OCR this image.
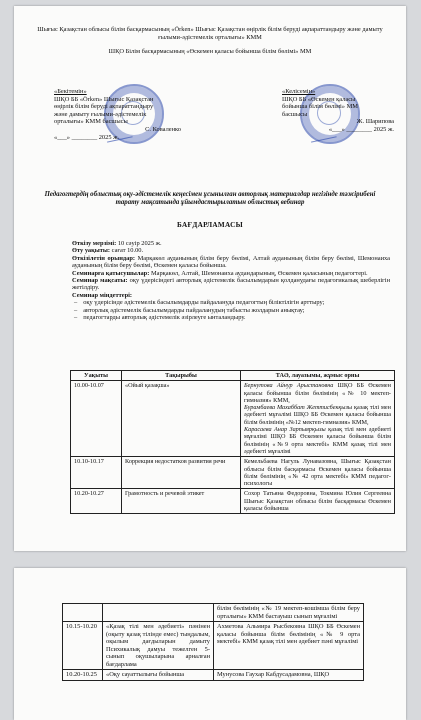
Шығыс Қазақстан облысы білім басқармасының «Örken» Шығыс Қазақстан өңірлік білім беруді ақпараттандыру және дамыту ғылыми-әдістемелік орталығы» КММ
ШҚО Білім басқармасының «Өскемен қаласы бойынша білім бөлімі» ММ
«Бекітемін»
ШҚО ББ «Örken» Шығыс Қазақстан
өңірлік білім беруді ақпараттандыру
және дамыту ғылыми-әдістемелік
орталығы» КММ басшысы
С. Коваленко
«___» ________ 2025 ж.
«Келісемін»
ШҚО ББ «Өскемен қаласы
бойынша білім бөлімі» ММ
басшысы
Ж. Шарипова
«___» ________ 2025 ж.
Педагогтердің облыстық оқу-әдістемелік кеңесімен ұсынылған авторлық материалдар негізінде тәжірибені тарату мақсатында ұйымдастырылатын облыстық вебинар
БАҒДАРЛАМАСЫ

Өткізу мерзімі: 10 сәуір 2025 ж.

Өту уақыты: сағат 10.00.

Өткізілетін орындар: Марқакөл ауданының білім беру бөлімі, Алтай ауданының білім беру бөлімі, Шемонаиха ауданының білім беру бөлімі, Өскемен қаласы бойынша.

Семинарға қатысушылар: Марқакөл, Алтай, Шемонаиха аудандарының, Өскемен қаласының педагогтері.

Семинар мақсаты: оқу үдерісіндегі авторлық әдістемелік басылымдарын қолданудағы педагогикалық шеберлігін жетілдіру.

Семинар міндеттері:

– оқу үдерісінде әдістемелік басылымдарды пайдалануда педагогтың біліктілігін арттыру;
– авторлық әдістемелік басылымдарды пайдаланудың табысты жолдарын анықтау;
– педагогтарды авторлық әдістемелік әзірлеуге ынталандыру.
Уақыты	Тақырыбы	ТАӘ, лауазымы, жұмыс орны
10.00-10.07	«Ойый қазақша»	Бернутова Айнур Арыстановна ШҚО ББ Өскемен қаласы бойынша білім бөлімінің «№ 10 мектеп-гимназия» КММ,
Бурамбаева Махаббат Жеттисбекқызы қазақ тілі мен әдебиеті мұғалімі ШҚО ББ Өскемен қаласы бойынша білім бөлімінің «№12 мектеп-гимназия» КММ,
Карасаева Анар Зарпыярқызы қазақ тілі мен әдебиеті мұғалімі ШҚО ББ Өскемен қаласы бойынша білім бөлімінің «№9 орта мектебі» КММ қазақ тілі мен әдебиеті мұғалімі
10.10-10.17	Коррекция недостатков развития речи	Кемельбаева Нагуль Лунавазовна, Шығыс Қазақстан облысы білім басқармасы Өскемен қаласы бойынша білім бөлімінің «№ 42 орта мектебі» КММ педагог-психологы
10.20-10.27	Грамотность и речевой этикет	Сохор Татьяна Федоровна, Токмина Юлия Сергеевна Шығыс Қазақстан облысы білім басқармасы Өскемен қаласы бойынша
		білім бөлімінің «№ 19 мектеп-кошімша білім беру орталығы» КММ бастауыш сынып мұғалімі
10.15-10.20	«Қазақ тілі мен әдебиеті» пәнінен (оқыту қазақ тілінде емес) тыңдалым, оқылым дағдыларын дамыту Психикалық дамуы тежелген 5-сынып оқушыларына арналған бағдарлама	Ахметова Альмира Рысбековна ШҚО ББ Өскемен қаласы бойынша білім бөлімінің «№ 9 орта мектебі» КММ қазақ тілі мен әдебиет пәні мұғалімі
10.20-10.25	«Оқу сауаттылығы бойынша	Мунусова Гаухар Кабдусадамовна, ШҚО
